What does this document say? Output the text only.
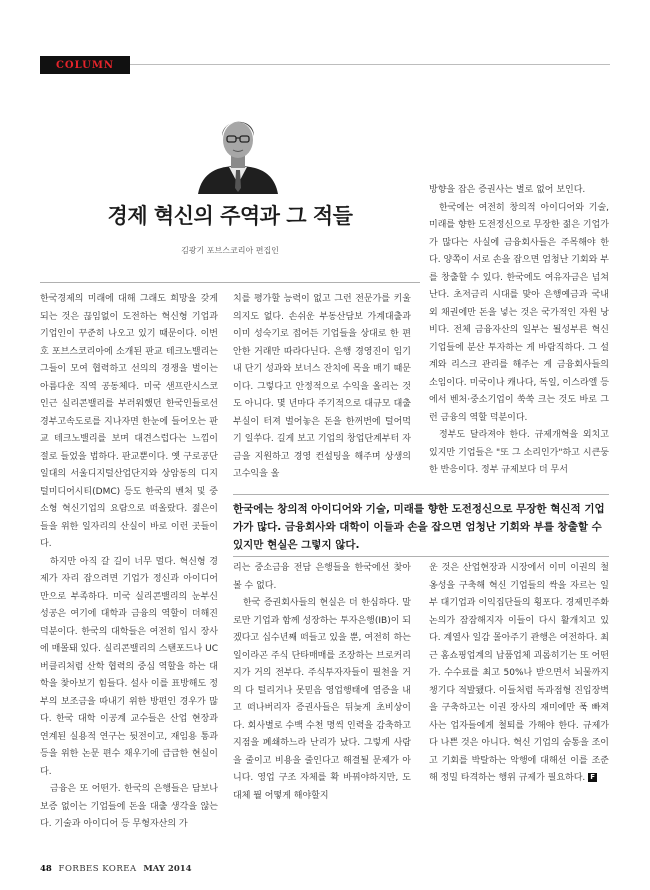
COLUMN
경제 혁신의 주역과 그 적들
김광기 포브스코리아 편집인

한국경제의 미래에 대해 그래도 희망을 갖게 되는 것은 끊임없이 도전하는 혁신형 기업과 기업인이 꾸준히 나오고 있기 때문이다. 이번호 포브스코리아에 소개된 판교 테크노밸리는 그들이 모여 협력하고 선의의 경쟁을 벌이는 아름다운 직역 공동체다. 미국 샌프란시스코 인근 실리콘밸리를 부러워했던 한국인들로선 경부고속도로를 지나자면 한눈에 들어오는 판교 테크노밸리를 보며 대견스럽다는 느낌이 절로 들었을 법하다. 판교뿐이다. 옛 구로공단 일대의 서울디지털산업단지와 상암동의 디지털미디어시티(DMC) 등도 한국의 벤처 및 중소형 혁신기업의 요람으로 떠올랐다. 젊은이들을 위한 일자리의 산실이 바로 이런 곳들이다.

하지만 아직 갈 길이 너무 멀다. 혁신형 경제가 자리 잡으려면 기업가 정신과 아이디어만으로 부족하다. 미국 실리콘밸리의 눈부신 성공은 여기에 대학과 금융의 역할이 더해진 덕분이다. 한국의 대학들은 여전히 입시 장사에 매몰돼 있다. 실리콘밸리의 스탠포드나 UC버클리처럼 산학 협력의 중심 역할을 하는 대학을 찾아보기 힘들다. 설사 이를 표방해도 정부의 보조금을 따내기 위한 방편인 경우가 많다. 한국 대학 이공계 교수들은 산업 현장과 연계된 실용적 연구는 뒷전이고, 재임용 통과 등을 위한 논문 편수 채우기에 급급한 현실이다.

금융은 또 어떤가. 한국의 은행들은 담보나 보증 없이는 기업들에 돈을 대출 생각을 않는다. 기술과 아이디어 등 무형자산의 가

치를 평가할 능력이 없고 그런 전문가를 키울 의지도 없다. 손쉬운 부동산담보 가계대출과 이미 성숙기로 접어든 기업들을 상대로 한 편안한 거래만 따라다닌다. 은행 경영진이 임기 내 단기 성과와 보너스 잔치에 목을 매기 때문이다. 그렇다고 안정적으로 수익을 올리는 것도 아니다. 몇 년마다 주기적으로 대규모 대출 부실이 터져 벌어놓은 돈을 한꺼번에 털어먹기 일쑤다. 길게 보고 기업의 창업단계부터 자금을 지원하고 경영 컨설팅을 해주며 상생의 고수익을 올

방향을 잡은 증권사는 별로 없어 보인다.

한국에는 여전히 창의적 아이디어와 기술, 미래를 향한 도전정신으로 무장한 젊은 기업가가 많다는 사실에 금융회사들은 주목해야 한다. 양쪽이 서로 손을 잡으면 엄청난 기회와 부를 창출할 수 있다. 한국에도 여유자금은 넘쳐난다. 초저금리 시대를 맞아 은행예금과 국내외 채권에만 돈을 넣는 것은 국가적인 자원 낭비다. 전체 금융자산의 일부는 될성부른 혁신기업들에 분산 투자하는 게 바람직하다. 그 설계와 리스크 관리를 해주는 게 금융회사들의 소임이다. 미국이나 캐나다, 독일, 이스라엘 등에서 벤처·중소기업이 쑥쑥 크는 것도 바로 그런 금융의 역할 덕분이다.

정부도 달라져야 한다. 규제개혁을 외치고 있지만 기업들은 "또 그 소리인가"하고 시큰둥한 반응이다. 정부 규제보다 더 무서

한국에는 창의적 아이디어와 기술, 미래를 향한 도전정신으로 무장한 혁신적 기업가가 많다. 금융회사와 대학이 이들과 손을 잡으면 엄청난 기회와 부를 창출할 수 있지만 현실은 그렇지 않다.

리는 중소금융 전담 은행들을 한국에선 찾아볼 수 없다.

한국 증권회사들의 현실은 더 한심하다. 말로만 기업과 함께 성장하는 투자은행(IB)이 되겠다고 십수년째 떠들고 있을 뿐, 여전히 하는 일이라곤 주식 단타매매를 조장하는 브로커리지가 거의 전부다. 주식투자자들이 필천을 거의 다 털리거나 못믿음 영업행태에 염증을 내고 떠나버리자 증권사들은 뒤늦게 초비상이다. 회사별로 수백 수천 명씩 인력을 감축하고 지점을 폐쇄하느라 난리가 났다. 그렇게 사람을 줄이고 비용을 줄인다고 해결될 문제가 아니다. 영업 구조 자체를 확 바꿔야하지만, 도대체 뭘 어떻게 해야할지

운 것은 산업현장과 시장에서 이미 이권의 철옹성을 구축해 혁신 기업들의 싹을 자르는 일부 대기업과 이익집단들의 횡포다. 경제민주화 논의가 잠잠해지자 이들이 다시 활개치고 있다. 계열사 일감 몰아주기 관행은 여전하다. 최근 홈쇼핑업계의 납품업체 괴롭히기는 또 어떤가. 수수료를 최고 50%나 받으면서 뇌물까지 챙기다 적발됐다. 이들처럼 독과점형 진입장벽을 구축하고는 이권 장사의 재미에만 푹 빠져 사는 업자들에게 철퇴를 가해야 한다. 규제가 다 나쁜 것은 아니다. 혁신 기업의 숨통을 조이고 기회를 박탈하는 악행에 대해선 이를 조준해 정밀 타격하는 행위 규제가 필요하다. F

48 FORBES KOREA MAY 2014
